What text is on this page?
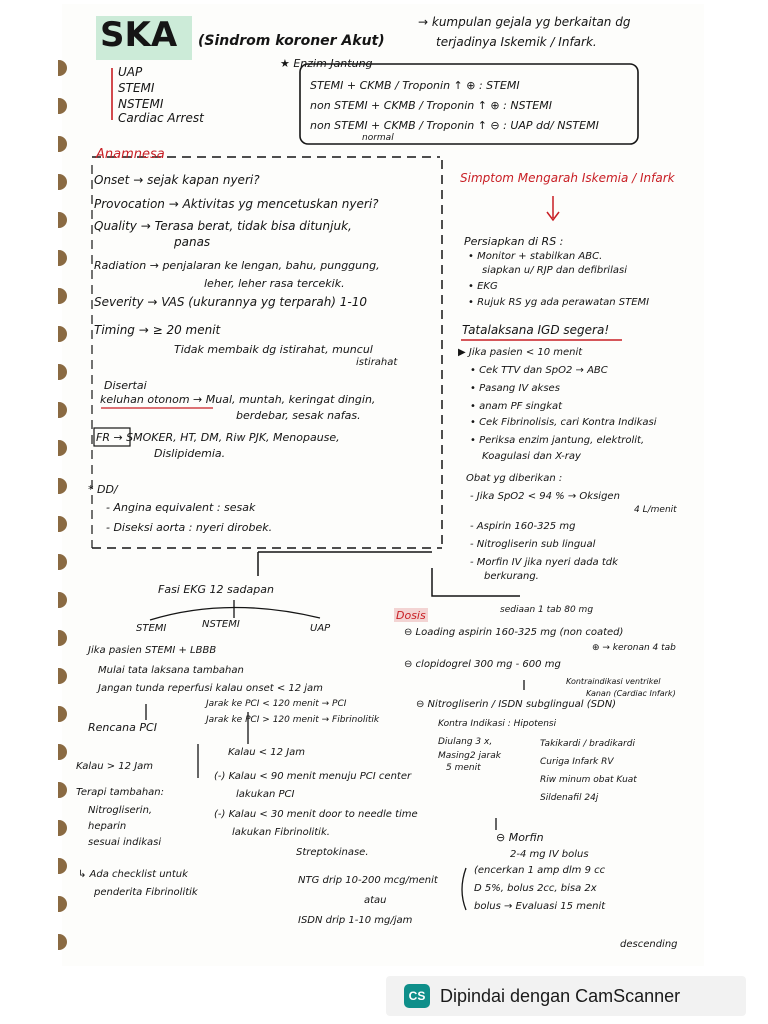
SKA (Sindrom koroner Akut)
→ kumpulan gejala yg berkaitan dg
terjadinya Iskemik / Infark.
UAP
STEMI
NSTEMI
Cardiac Arrest
★ Enzim Jantung
STEMI + CKMB / Troponin ↑ ⊕ : STEMI
non STEMI + CKMB / Troponin ↑ ⊕ : NSTEMI
non STEMI + CKMB / Troponin ↑ ⊖ : UAP dd/ NSTEMI
normal
Anamnesa
Onset → sejak kapan nyeri?
Provocation → Aktivitas yg mencetuskan nyeri?
Quality → Terasa berat, tidak bisa ditunjuk,
panas
Radiation → penjalaran ke lengan, bahu, punggung,
leher, leher rasa tercekik.
Severity → VAS (ukurannya yg terparah) 1-10
Timing → ≥ 20 menit
Tidak membaik dg istirahat, muncul
istirahat
Disertai
keluhan otonom → Mual, muntah, keringat dingin,
berdebar, sesak nafas.
FR → SMOKER, HT, DM, Riw PJK, Menopause,
Dislipidemia.
* DD/
- Angina equivalent : sesak
- Diseksi aorta : nyeri dirobek.
Simptom Mengarah Iskemia / Infark
Persiapkan di RS :
• Monitor + stabilkan ABC.
siapkan u/ RJP dan defibrilasi
• EKG
• Rujuk RS yg ada perawatan STEMI
Tatalaksana IGD segera!
▶ Jika pasien < 10 menit
• Cek TTV dan SpO2 → ABC
• Pasang IV akses
• anam PF singkat
• Cek Fibrinolisis, cari Kontra Indikasi
• Periksa enzim jantung, elektrolit,
Koagulasi dan X-ray
Obat yg diberikan :
- Jika SpO2 < 94 % → Oksigen
4 L/menit
- Aspirin 160-325 mg
- Nitrogliserin sub lingual
- Morfin IV jika nyeri dada tdk
berkurang.
Fasi EKG 12 sadapan
STEMI	NSTEMI	UAP
Jika pasien STEMI + LBBB
Mulai tata laksana tambahan
Jangan tunda reperfusi kalau onset < 12 jam
Rencana PCI
Kalau > 12 Jam
Terapi tambahan:
Nitrogliserin,
heparin
sesuai indikasi
↳ Ada checklist untuk
penderita Fibrinolitik
Jarak ke PCI < 120 menit → PCI
Jarak ke PCI > 120 menit → Fibrinolitik
Kalau < 12 Jam
(-) Kalau < 90 menit menuju PCI center
lakukan PCI
(-) Kalau < 30 menit door to needle time
lakukan Fibrinolitik.
Streptokinase.
NTG drip 10-200 mcg/menit
atau
ISDN drip 1-10 mg/jam
Dosis	sediaan 1 tab 80 mg
⊖ Loading aspirin 160-325 mg (non coated)
⊕ → keronan 4 tab
⊖ clopidogrel 300 mg - 600 mg
Kontraindikasi ventrikel
Kanan (Cardiac Infark)
⊖ Nitrogliserin / ISDN subglingual (SDN)
Kontra Indikasi : Hipotensi
Diulang 3 x,	Takikardi / bradikardi
Masing2 jarak
5 menit
Curiga Infark RV
Riw minum obat Kuat
Sildenafil 24j
⊖ Morfin
2-4 mg IV bolus
(encerkan 1 amp dlm 9 cc
D 5%, bolus 2cc, bisa 2x
bolus → Evaluasi 15 menit
descending
CS Dipindai dengan CamScanner
